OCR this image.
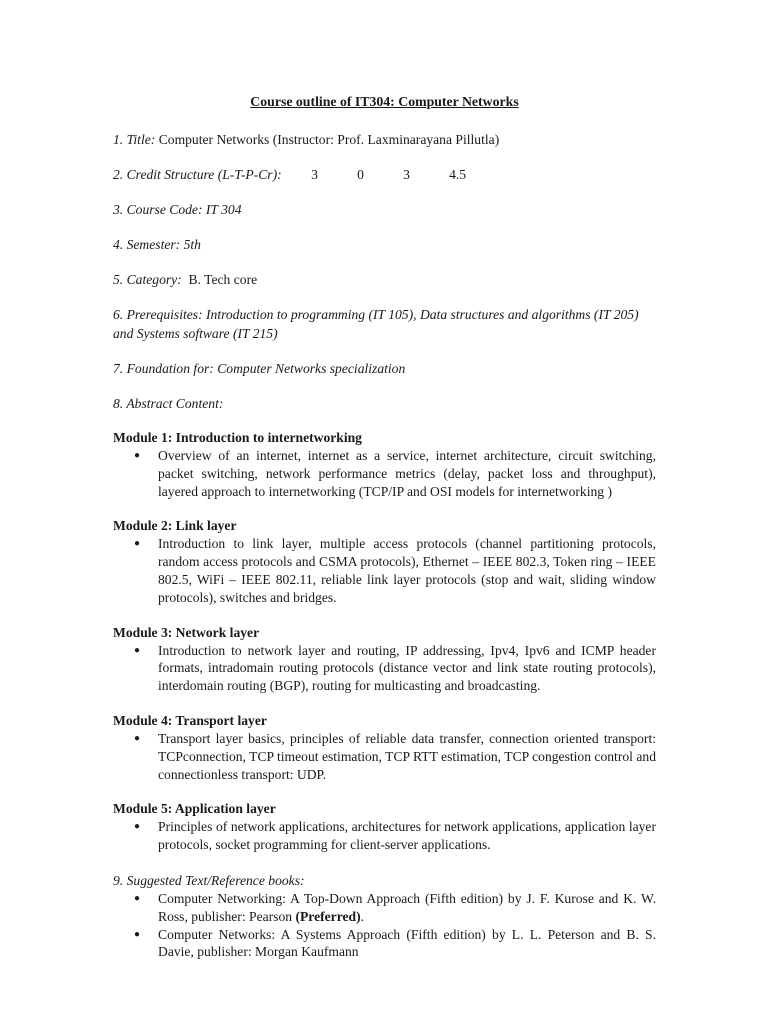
Course outline of IT304: Computer Networks
1. Title: Computer Networks (Instructor: Prof. Laxminarayana Pillutla)
2. Credit Structure (L-T-P-Cr): 3	0	3	4.5
3. Course Code: IT 304
4. Semester: 5th
5. Category: B. Tech core
6. Prerequisites: Introduction to programming (IT 105), Data structures and algorithms (IT 205) and Systems software (IT 215)
7. Foundation for: Computer Networks specialization
8. Abstract Content:
Module 1: Introduction to internetworking
● Overview of an internet, internet as a service, internet architecture, circuit switching, packet switching, network performance metrics (delay, packet loss and throughput), layered approach to internetworking (TCP/IP and OSI models for internetworking )
Module 2: Link layer
● Introduction to link layer, multiple access protocols (channel partitioning protocols, random access protocols and CSMA protocols), Ethernet – IEEE 802.3, Token ring – IEEE 802.5, WiFi – IEEE 802.11, reliable link layer protocols (stop and wait, sliding window protocols), switches and bridges.
Module 3: Network layer
● Introduction to network layer and routing, IP addressing, Ipv4, Ipv6 and ICMP header formats, intradomain routing protocols (distance vector and link state routing protocols), interdomain routing (BGP), routing for multicasting and broadcasting.
Module 4: Transport layer
● Transport layer basics, principles of reliable data transfer, connection oriented transport: TCPconnection, TCP timeout estimation, TCP RTT estimation, TCP congestion control and connectionless transport: UDP.
Module 5: Application layer
● Principles of network applications, architectures for network applications, application layer protocols, socket programming for client-server applications.
9. Suggested Text/Reference books:
● Computer Networking: A Top-Down Approach (Fifth edition) by J. F. Kurose and K. W. Ross, publisher: Pearson (Preferred).
● Computer Networks: A Systems Approach (Fifth edition) by L. L. Peterson and B. S. Davie, publisher: Morgan Kaufmann
